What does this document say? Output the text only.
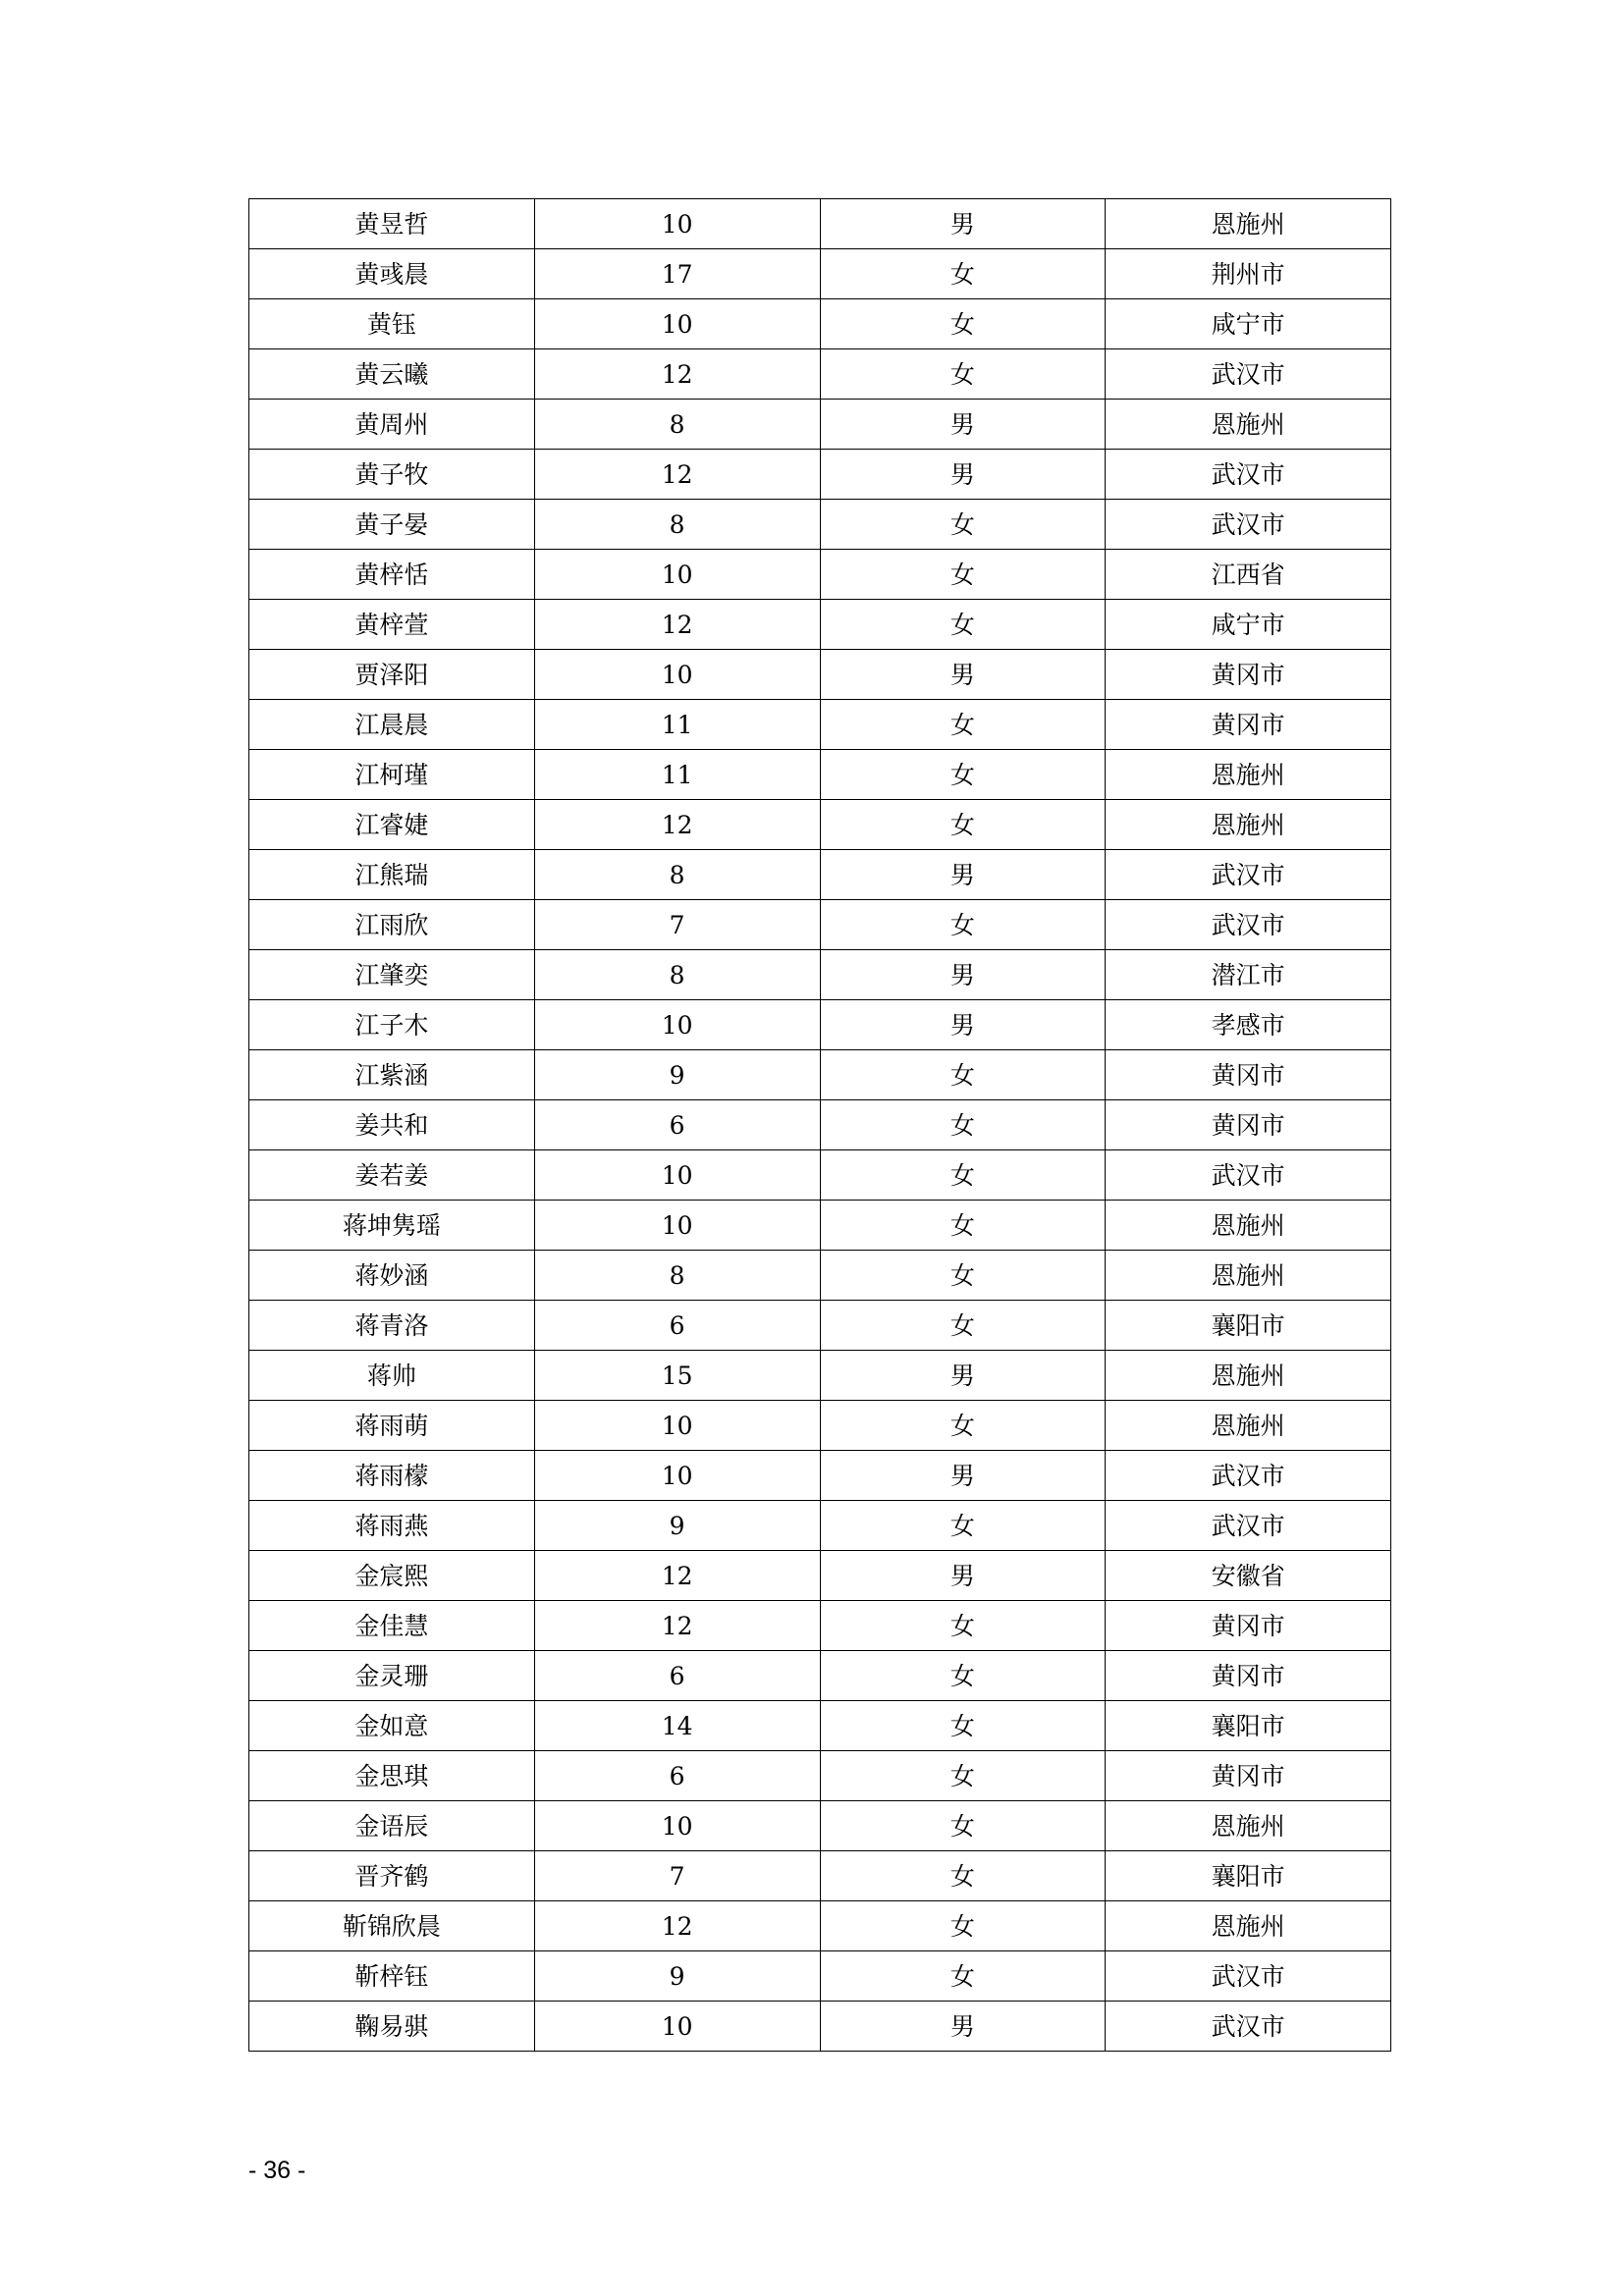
黄昱哲	10	男	恩施州
黄彧晨	17	女	荆州市
黄钰	10	女	咸宁市
黄云曦	12	女	武汉市
黄周州	8	男	恩施州
黄子牧	12	男	武汉市
黄子晏	8	女	武汉市
黄梓恬	10	女	江西省
黄梓萱	12	女	咸宁市
贾泽阳	10	男	黄冈市
江晨晨	11	女	黄冈市
江柯瑾	11	女	恩施州
江睿婕	12	女	恩施州
江熊瑞	8	男	武汉市
江雨欣	7	女	武汉市
江肇奕	8	男	潜江市
江子木	10	男	孝感市
江紫涵	9	女	黄冈市
姜共和	6	女	黄冈市
姜若姜	10	女	武汉市
蒋坤隽瑶	10	女	恩施州
蒋妙涵	8	女	恩施州
蒋青洛	6	女	襄阳市
蒋帅	15	男	恩施州
蒋雨萌	10	女	恩施州
蒋雨檬	10	男	武汉市
蒋雨燕	9	女	武汉市
金宸熙	12	男	安徽省
金佳慧	12	女	黄冈市
金灵珊	6	女	黄冈市
金如意	14	女	襄阳市
金思琪	6	女	黄冈市
金语辰	10	女	恩施州
晋齐鹤	7	女	襄阳市
靳锦欣晨	12	女	恩施州
靳梓钰	9	女	武汉市
鞠易骐	10	男	武汉市
- 36 -
